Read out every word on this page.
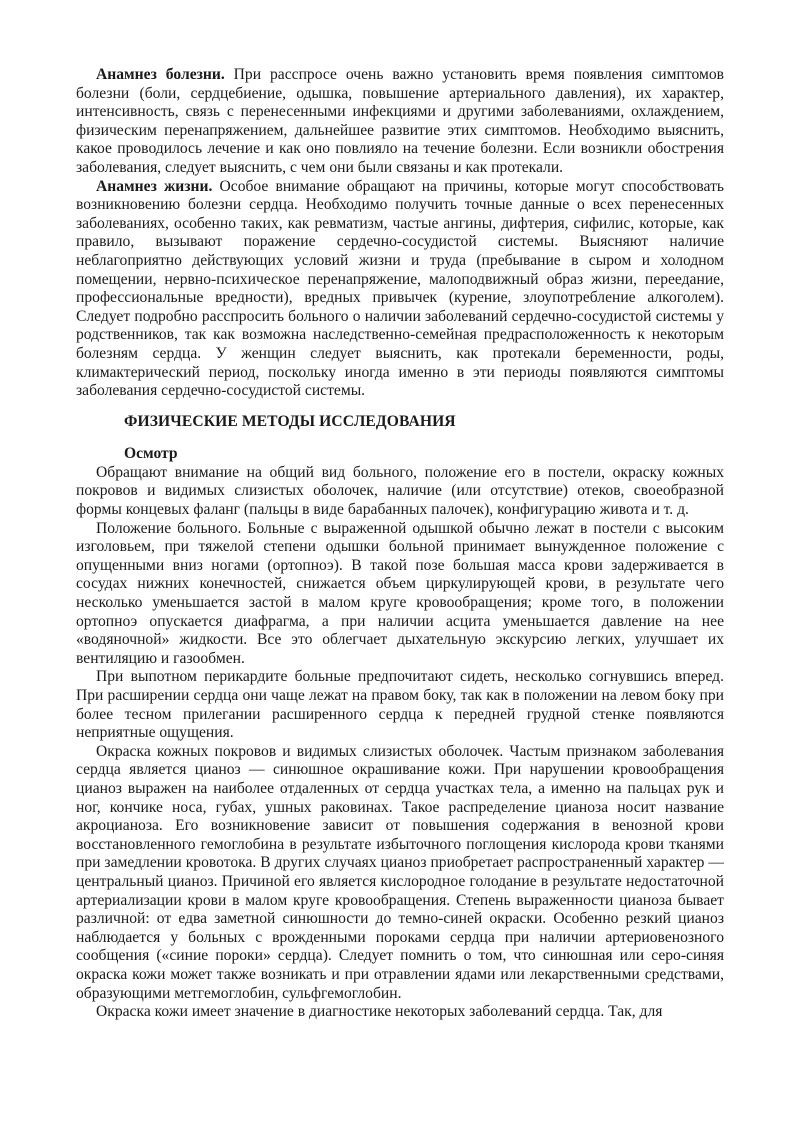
Анамнез болезни. При расспросе очень важно установить время появления симптомов болезни (боли, сердцебиение, одышка, повышение артериального давления), их характер, интенсивность, связь с перенесенными инфекциями и другими заболеваниями, охлаждением, физическим перенапряжением, дальнейшее развитие этих симптомов. Необходимо выяснить, какое проводилось лечение и как оно повлияло на течение болезни. Если возникли обострения заболевания, следует выяснить, с чем они были связаны и как протекали.

Анамнез жизни. Особое внимание обращают на причины, которые могут способствовать возникновению болезни сердца. Необходимо получить точные данные о всех перенесенных заболеваниях, особенно таких, как ревматизм, частые ангины, дифтерия, сифилис, которые, как правило, вызывают поражение сердечно-сосудистой системы. Выясняют наличие неблагоприятно действующих условий жизни и труда (пребывание в сыром и холодном помещении, нервно-психическое перенапряжение, малоподвижный образ жизни, переедание, профессиональные вредности), вредных привычек (курение, злоупотребление алкоголем). Следует подробно расспросить больного о наличии заболеваний сердечно-сосудистой системы у родственников, так как возможна наследственно-семейная предрасположенность к некоторым болезням сердца. У женщин следует выяснить, как протекали беременности, роды, климактерический период, поскольку иногда именно в эти периоды появляются симптомы заболевания сердечно-сосудистой системы.

ФИЗИЧЕСКИЕ МЕТОДЫ ИССЛЕДОВАНИЯ
Осмотр

Обращают внимание на общий вид больного, положение его в постели, окраску кожных покровов и видимых слизистых оболочек, наличие (или отсутствие) отеков, своеобразной формы концевых фаланг (пальцы в виде барабанных палочек), конфигурацию живота и т. д.

Положение больного. Больные с выраженной одышкой обычно лежат в постели с высоким изголовьем, при тяжелой степени одышки больной принимает вынужденное положение с опущенными вниз ногами (ортопноэ). В такой позе большая масса крови задерживается в сосудах нижних конечностей, снижается объем циркулирующей крови, в результате чего несколько уменьшается застой в малом круге кровообращения; кроме того, в положении ортопноэ опускается диафрагма, а при наличии асцита уменьшается давление на нее «водяночной» жидкости. Все это облегчает дыхательную экскурсию легких, улучшает их вентиляцию и газообмен.

При выпотном перикардите больные предпочитают сидеть, несколько согнувшись вперед. При расширении сердца они чаще лежат на правом боку, так как в положении на левом боку при более тесном прилегании расширенного сердца к передней грудной стенке появляются неприятные ощущения.

Окраска кожных покровов и видимых слизистых оболочек. Частым признаком заболевания сердца является цианоз — синюшное окрашивание кожи. При нарушении кровообращения цианоз выражен на наиболее отдаленных от сердца участках тела, а именно на пальцах рук и ног, кончике носа, губах, ушных раковинах. Такое распределение цианоза носит название акроцианоза. Его возникновение зависит от повышения содержания в венозной крови восстановленного гемоглобина в результате избыточного поглощения кислорода крови тканями при замедлении кровотока. В других случаях цианоз приобретает распространенный характер — центральный цианоз. Причиной его является кислородное голодание в результате недостаточной артериализации крови в малом круге кровообращения. Степень выраженности цианоза бывает различной: от едва заметной синюшности до темно-синей окраски. Особенно резкий цианоз наблюдается у больных с врожденными пороками сердца при наличии артериовенозного сообщения («синие пороки» сердца). Следует помнить о том, что синюшная или серо-синяя окраска кожи может также возникать и при отравлении ядами или лекарственными средствами, образующими метгемоглобин, сульфгемоглобин.

Окраска кожи имеет значение в диагностике некоторых заболеваний сердца. Так, для
